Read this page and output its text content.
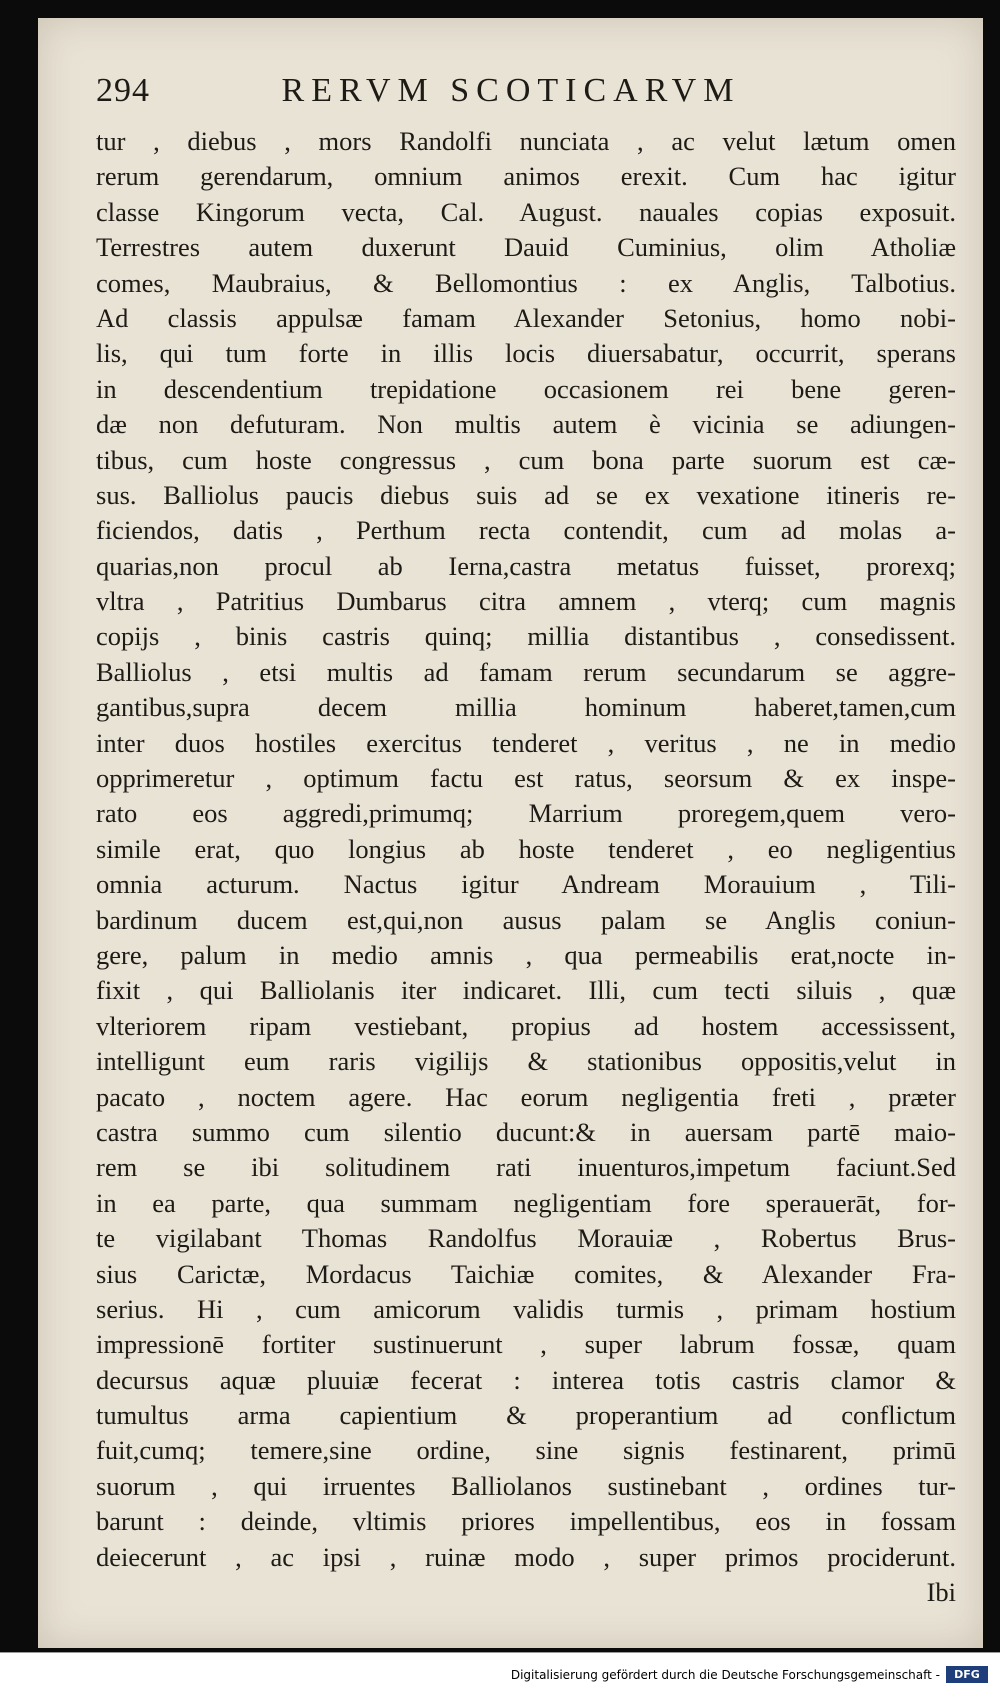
294	RERVM SCOTICARVM
tur , diebus , mors Randolfi nunciata , ac velut lætum omen
rerum gerendarum, omnium animos erexit. Cum hac igitur
classe Kingorum vecta, Cal. August. nauales copias exposuit.
Terrestres autem duxerunt Dauid Cuminius, olim Atholiæ
comes, Maubraius, & Bellomontius : ex Anglis, Talbotius.
Ad classis appulsæ famam Alexander Setonius, homo nobi-
lis, qui tum forte in illis locis diuersabatur, occurrit, sperans
in descendentium trepidatione occasionem rei bene geren-
dæ non defuturam. Non multis autem è vicinia se adiungen-
tibus, cum hoste congressus , cum bona parte suorum est cæ-
sus. Balliolus paucis diebus suis ad se ex vexatione itineris re-
ficiendos, datis , Perthum recta contendit, cum ad molas a-
quarias,non procul ab Ierna,castra metatus fuisset, prorexq;
vltra , Patritius Dumbarus citra amnem , vterq; cum magnis
copijs , binis castris quinq; millia distantibus , consedissent.
Balliolus , etsi multis ad famam rerum secundarum se aggre-
gantibus,supra decem millia hominum haberet,tamen,cum
inter duos hostiles exercitus tenderet , veritus , ne in medio
opprimeretur , optimum factu est ratus, seorsum & ex inspe-
rato eos aggredi,primumq; Marrium proregem,quem vero-
simile erat, quo longius ab hoste tenderet , eo negligentius
omnia acturum. Nactus igitur Andream Morauium , Tili-
bardinum ducem est,qui,non ausus palam se Anglis coniun-
gere, palum in medio amnis , qua permeabilis erat,nocte in-
fixit , qui Balliolanis iter indicaret. Illi, cum tecti siluis , quæ
vlteriorem ripam vestiebant, propius ad hostem accessissent,
intelligunt eum raris vigilijs & stationibus oppositis,velut in
pacato , noctem agere. Hac eorum negligentia freti , præter
castra summo cum silentio ducunt:& in auersam partē maio-
rem se ibi solitudinem rati inuenturos,impetum faciunt.Sed
in ea parte, qua summam negligentiam fore sperauerāt, for-
te vigilabant Thomas Randolfus Morauiæ , Robertus Brus-
sius Carictæ, Mordacus Taichiæ comites, & Alexander Fra-
serius. Hi , cum amicorum validis turmis , primam hostium
impressionē fortiter sustinuerunt , super labrum fossæ, quam
decursus aquæ pluuiæ fecerat : interea totis castris clamor &
tumultus arma capientium & properantium ad conflictum
fuit,cumq; temere,sine ordine, sine signis festinarent, primū
suorum , qui irruentes Balliolanos sustinebant , ordines tur-
barunt : deinde, vltimis priores impellentibus, eos in fossam
deiecerunt , ac ipsi , ruinæ modo , super primos prociderunt.
Ibi
Digitalisierung gefördert durch die Deutsche Forschungsgemeinschaft -	DFG
